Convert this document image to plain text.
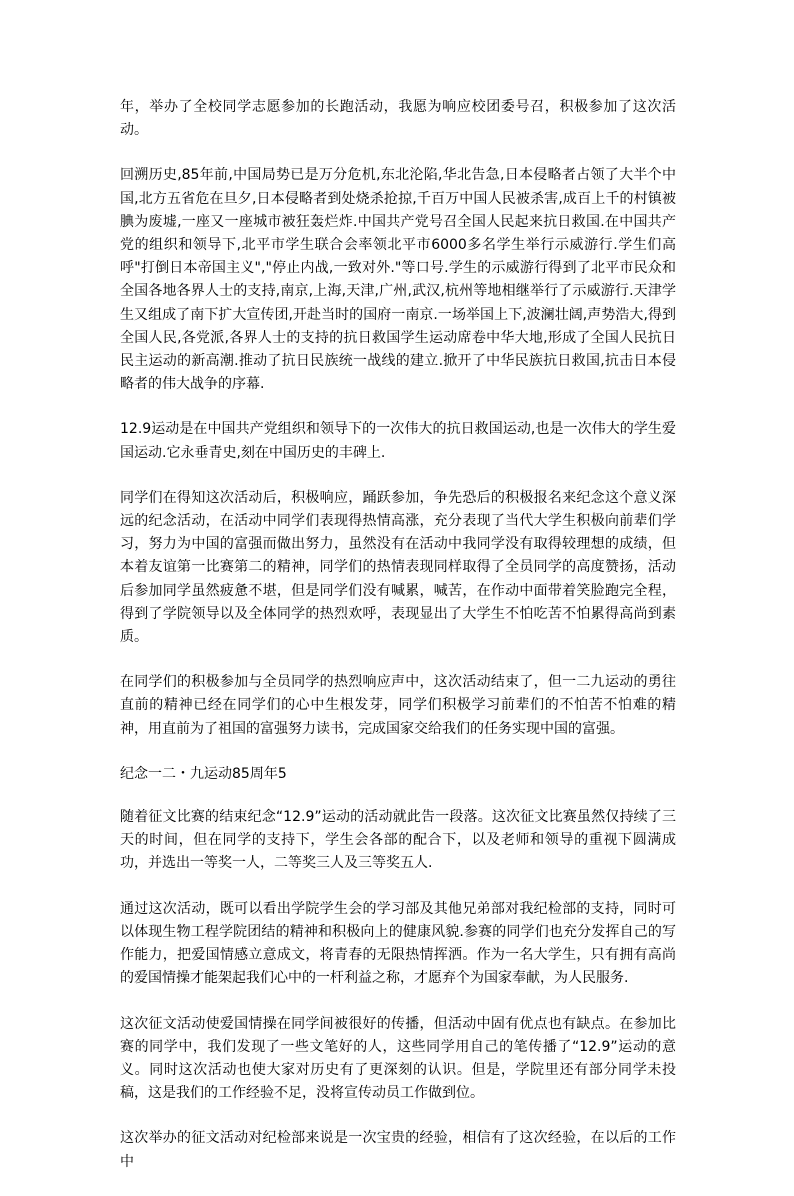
年，举办了全校同学志愿参加的长跑活动，我愿为响应校团委号召，积极参加了这次活动。

回溯历史,85年前,中国局势已是万分危机,东北沦陷,华北告急,日本侵略者占领了大半个中国,北方五省危在旦夕,日本侵略者到处烧杀抢掠,千百万中国人民被杀害,成百上千的村镇被腆为废墟,一座又一座城市被狂轰烂炸.中国共产党号召全国人民起来抗日救国.在中国共产党的组织和领导下,北平市学生联合会率领北平市6000多名学生举行示威游行.学生们高呼"打倒日本帝国主义","停止内战,一致对外."等口号.学生的示威游行得到了北平市民众和全国各地各界人士的支持,南京,上海,天津,广州,武汉,杭州等地相继举行了示威游行.天津学生又组成了南下扩大宣传团,开赴当时的国府一南京.一场举国上下,波澜壮阔,声势浩大,得到全国人民,各党派,各界人士的支持的抗日救国学生运动席卷中华大地,形成了全国人民抗日民主运动的新高潮.推动了抗日民族统一战线的建立.掀开了中华民族抗日救国,抗击日本侵略者的伟大战争的序幕.

12.9运动是在中国共产党组织和领导下的一次伟大的抗日救国运动,也是一次伟大的学生爱国运动.它永垂青史,刻在中国历史的丰碑上.

同学们在得知这次活动后，积极响应，踊跃参加，争先恐后的积极报名来纪念这个意义深远的纪念活动，在活动中同学们表现得热情高涨，充分表现了当代大学生积极向前辈们学习，努力为中国的富强而做出努力，虽然没有在活动中我同学没有取得较理想的成绩，但本着友谊第一比赛第二的精神，同学们的热情表现同样取得了全员同学的高度赞扬，活动后参加同学虽然疲惫不堪，但是同学们没有喊累，喊苦，在作动中面带着笑脸跑完全程，得到了学院领导以及全体同学的热烈欢呼，表现显出了大学生不怕吃苦不怕累得高尚到素质。

在同学们的积极参加与全员同学的热烈响应声中，这次活动结束了，但一二九运动的勇往直前的精神已经在同学们的心中生根发芽，同学们积极学习前辈们的不怕苦不怕难的精神，用直前为了祖国的富强努力读书，完成国家交给我们的任务实现中国的富强。

纪念一二・九运动85周年5

随着征文比赛的结束纪念“12.9”运动的活动就此告一段落。这次征文比赛虽然仅持续了三天的时间，但在同学的支持下，学生会各部的配合下，以及老师和领导的重视下圆满成功，并选出一等奖一人，二等奖三人及三等奖五人.

通过这次活动，既可以看出学院学生会的学习部及其他兄弟部对我纪检部的支持，同时可以体现生物工程学院团结的精神和积极向上的健康风貌.参赛的同学们也充分发挥自己的写作能力，把爱国情感立意成文，将青春的无限热情挥洒。作为一名大学生，只有拥有高尚的爱国情操才能架起我们心中的一杆利益之称，才愿弃个为国家奉献，为人民服务.

这次征文活动使爱国情操在同学间被很好的传播，但活动中固有优点也有缺点。在参加比赛的同学中，我们发现了一些文笔好的人，这些同学用自己的笔传播了“12.9”运动的意义。同时这次活动也使大家对历史有了更深刻的认识。但是，学院里还有部分同学未投稿，这是我们的工作经验不足，没将宣传动员工作做到位。

这次举办的征文活动对纪检部来说是一次宝贵的经验，相信有了这次经验，在以后的工作中
